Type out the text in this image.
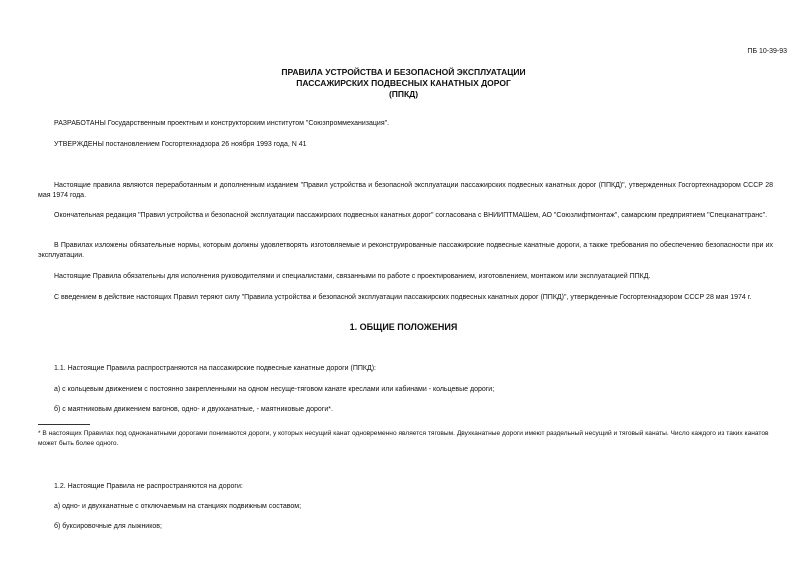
ПБ 10-39-93
ПРАВИЛА УСТРОЙСТВА И БЕЗОПАСНОЙ ЭКСПЛУАТАЦИИ
ПАССАЖИРСКИХ ПОДВЕСНЫХ КАНАТНЫХ ДОРОГ
(ППКД)
РАЗРАБОТАНЫ Государственным проектным и конструкторским институтом "Союзпроммеханизация".
УТВЕРЖДЕНЫ постановлением Госгортехнадзора 26 ноября 1993 года, N 41
Настоящие правила являются переработанным и дополненным изданием "Правил устройства и безопасной эксплуатации пассажирских подвесных канатных дорог (ППКД)", утвержденных Госгортехнадзором СССР 28 мая 1974 года.
Окончательная редакция "Правил устройства и безопасной эксплуатации пассажирских подвесных канатных дорог" согласована с ВНИИПТМАШем, АО "Союзлифтмонтаж", самарским предприятием "Спецканаттранс".
В Правилах изложены обязательные нормы, которым должны удовлетворять изготовляемые и реконструированные пассажирские подвесные канатные дороги, а также требования по обеспечению безопасности при их эксплуатации.
Настоящие Правила обязательны для исполнения руководителями и специалистами, связанными по работе с проектированием, изготовлением, монтажом или эксплуатацией ППКД.
С введением в действие настоящих Правил теряют силу "Правила устройства и безопасной эксплуатации пассажирских подвесных канатных дорог (ППКД)", утвержденные Госгортехнадзором СССР 28 мая 1974 г.
1. ОБЩИЕ ПОЛОЖЕНИЯ
1.1. Настоящие Правила распространяются на пассажирские подвесные канатные дороги (ППКД):
а) с кольцевым движением с постоянно закрепленными на одном несуще-тяговом канате креслами или кабинами - кольцевые дороги;
б) с маятниковым движением вагонов, одно- и двухканатные, - маятниковые дороги*.
* В настоящих Правилах под одноканатными дорогами понимаются дороги, у которых несущий канат одновременно является тяговым. Двухканатные дороги имеют раздельный несущий и тяговый канаты. Число каждого из таких канатов может быть более одного.
1.2. Настоящие Правила не распространяются на дороги:
а) одно- и двухканатные с отключаемым на станциях подвижным составом;
б) буксировочные для лыжников;
